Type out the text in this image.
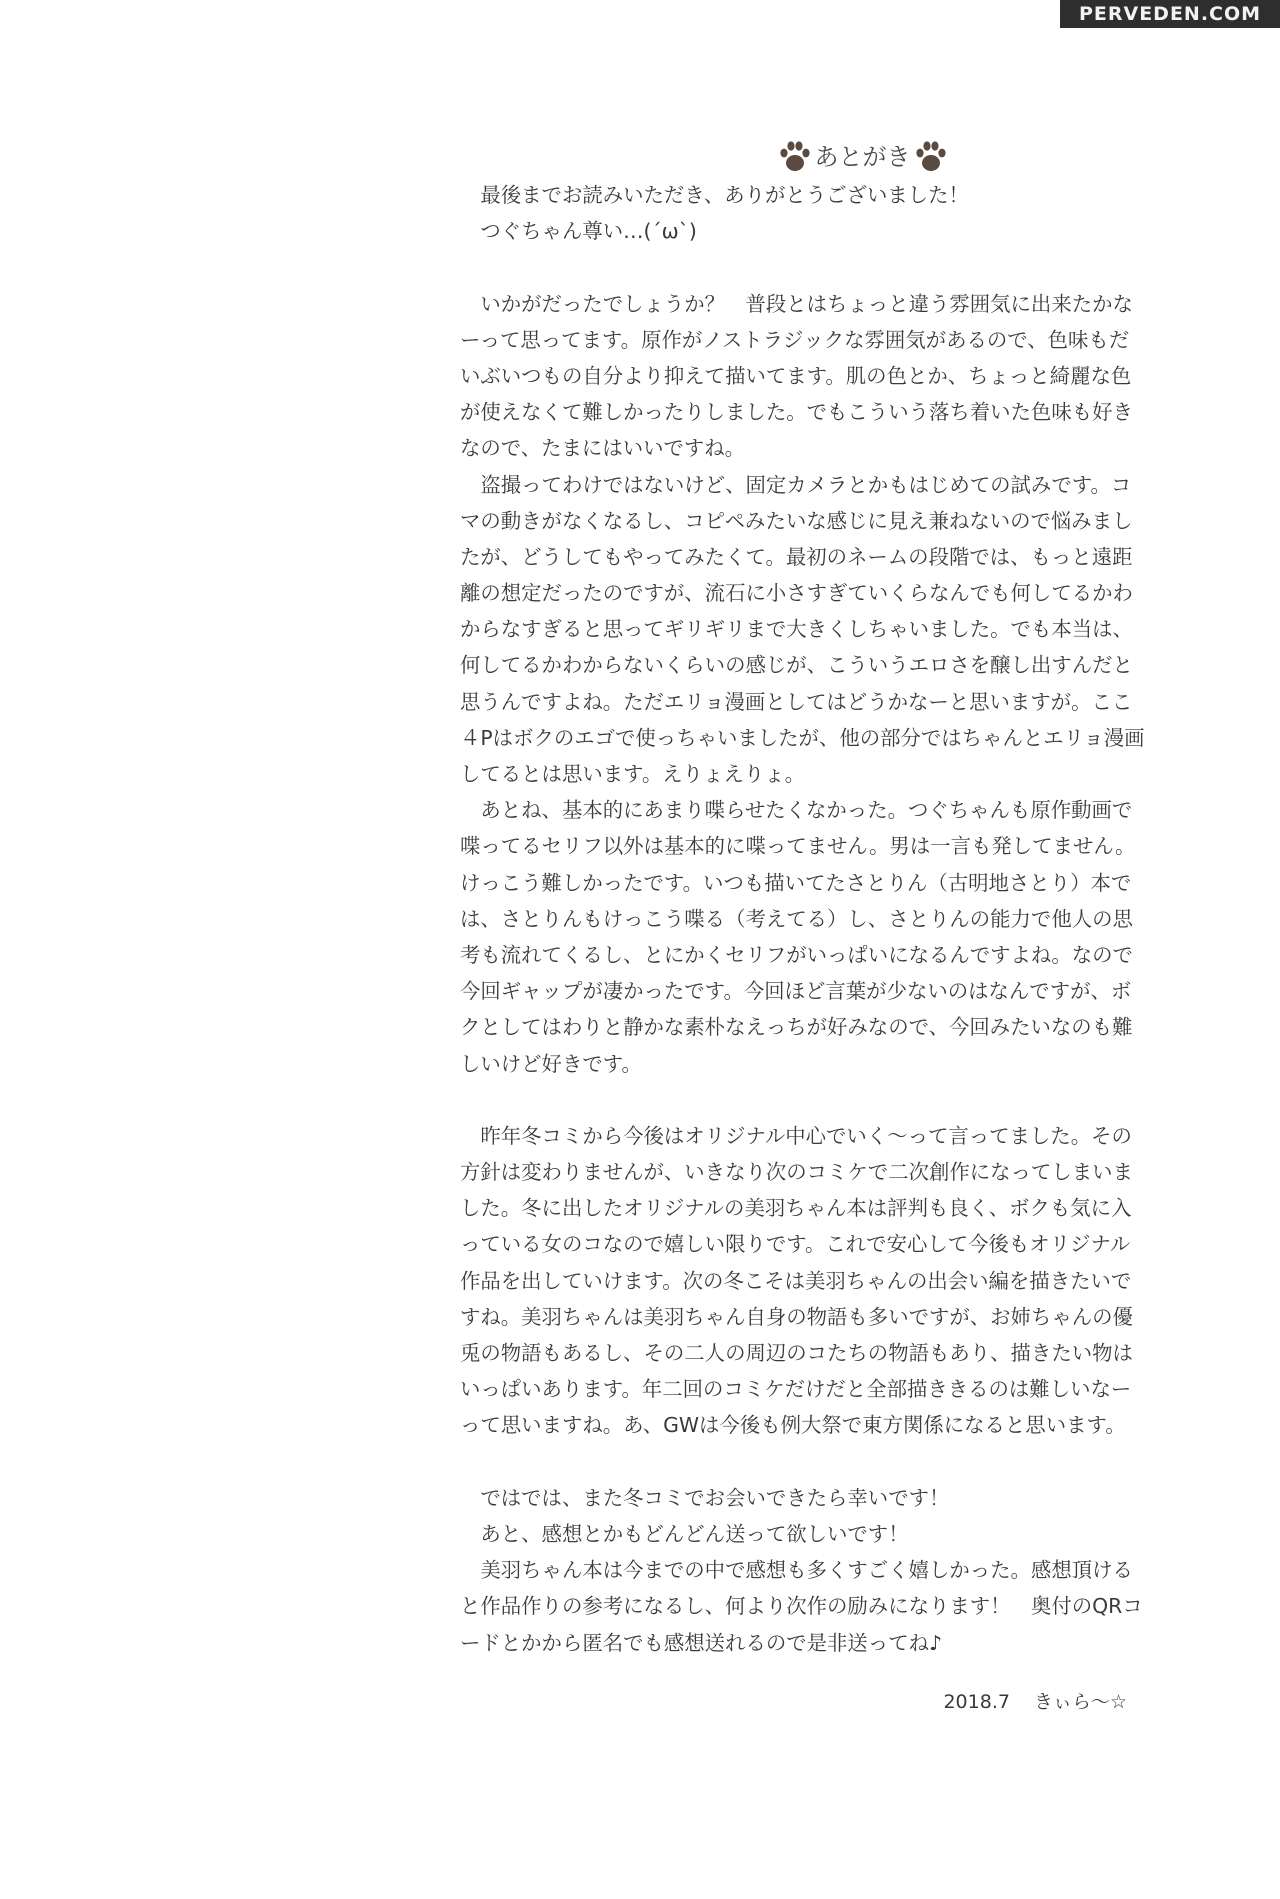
PERVEDEN.COM
あとがき
　最後までお読みいただき、ありがとうございました！
　つぐちゃん尊い…(´ω`)
　いかがだったでしょうか？　普段とはちょっと違う雰囲気に出来たかな
ーって思ってます。原作がノストラジックな雰囲気があるので、色味もだ
いぶいつもの自分より抑えて描いてます。肌の色とか、ちょっと綺麗な色
が使えなくて難しかったりしました。でもこういう落ち着いた色味も好き
なので、たまにはいいですね。
　盗撮ってわけではないけど、固定カメラとかもはじめての試みです。コ
マの動きがなくなるし、コピペみたいな感じに見え兼ねないので悩みまし
たが、どうしてもやってみたくて。最初のネームの段階では、もっと遠距
離の想定だったのですが、流石に小さすぎていくらなんでも何してるかわ
からなすぎると思ってギリギリまで大きくしちゃいました。でも本当は、
何してるかわからないくらいの感じが、こういうエロさを醸し出すんだと
思うんですよね。ただエリョ漫画としてはどうかなーと思いますが。ここ
４Pはボクのエゴで使っちゃいましたが、他の部分ではちゃんとエリョ漫画
してるとは思います。えりょえりょ。
　あとね、基本的にあまり喋らせたくなかった。つぐちゃんも原作動画で
喋ってるセリフ以外は基本的に喋ってません。男は一言も発してません。
けっこう難しかったです。いつも描いてたさとりん（古明地さとり）本で
は、さとりんもけっこう喋る（考えてる）し、さとりんの能力で他人の思
考も流れてくるし、とにかくセリフがいっぱいになるんですよね。なので
今回ギャップが凄かったです。今回ほど言葉が少ないのはなんですが、ボ
クとしてはわりと静かな素朴なえっちが好みなので、今回みたいなのも難
しいけど好きです。
　昨年冬コミから今後はオリジナル中心でいく～って言ってました。その
方針は変わりませんが、いきなり次のコミケで二次創作になってしまいま
した。冬に出したオリジナルの美羽ちゃん本は評判も良く、ボクも気に入
っている女のコなので嬉しい限りです。これで安心して今後もオリジナル
作品を出していけます。次の冬こそは美羽ちゃんの出会い編を描きたいで
すね。美羽ちゃんは美羽ちゃん自身の物語も多いですが、お姉ちゃんの優
兎の物語もあるし、その二人の周辺のコたちの物語もあり、描きたい物は
いっぱいあります。年二回のコミケだけだと全部描ききるのは難しいなー
って思いますね。あ、GWは今後も例大祭で東方関係になると思います。
　ではでは、また冬コミでお会いできたら幸いです！
　あと、感想とかもどんどん送って欲しいです！
　美羽ちゃん本は今までの中で感想も多くすごく嬉しかった。感想頂ける
と作品作りの参考になるし、何より次作の励みになります！　奥付のQRコ
ードとかから匿名でも感想送れるので是非送ってね♪
2018.7 きぃら～☆
